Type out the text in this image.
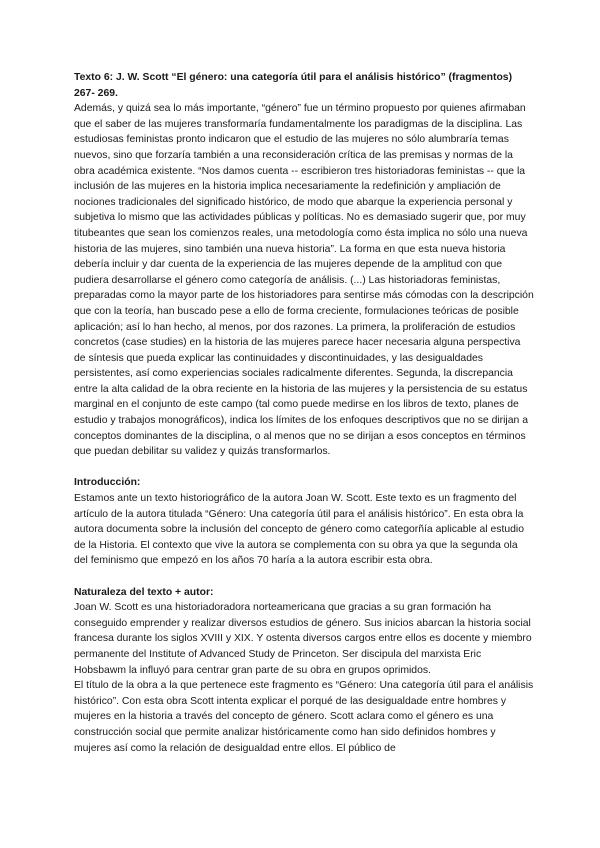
Texto 6: J. W. Scott “El género: una categoría útil para el análisis histórico” (fragmentos) 267- 269.

Además, y quizá sea lo más importante, “género” fue un término propuesto por quienes afirmaban que el saber de las mujeres transformaría fundamentalmente los paradigmas de la disciplina. Las estudiosas feministas pronto indicaron que el estudio de las mujeres no sólo alumbraría temas nuevos, sino que forzaría también a una reconsideración crítica de las premisas y normas de la obra académica existente. “Nos damos cuenta -- escribieron tres historiadoras feministas -- que la inclusión de las mujeres en la historia implica necesariamente la redefinición y ampliación de nociones tradicionales del significado histórico, de modo que abarque la experiencia personal y subjetiva lo mismo que las actividades públicas y políticas. No es demasiado sugerir que, por muy titubeantes que sean los comienzos reales, una metodología como ésta implica no sólo una nueva historia de las mujeres, sino también una nueva historia”. La forma en que esta nueva historia debería incluir y dar cuenta de la experiencia de las mujeres depende de la amplitud con que pudiera desarrollarse el género como categoría de análisis. (...) Las historiadoras feministas, preparadas como la mayor parte de los historiadores para sentirse más cómodas con la descripción que con la teoría, han buscado pese a ello de forma creciente, formulaciones teóricas de posible aplicación; así lo han hecho, al menos, por dos razones. La primera, la proliferación de estudios concretos (case studies) en la historia de las mujeres parece hacer necesaria alguna perspectiva de síntesis que pueda explicar las continuidades y discontinuidades, y las desigualdades persistentes, así como experiencias sociales radicalmente diferentes. Segunda, la discrepancia entre la alta calidad de la obra reciente en la historia de las mujeres y la persistencia de su estatus marginal en el conjunto de este campo (tal como puede medirse en los libros de texto, planes de estudio y trabajos monográficos), indica los límites de los enfoques descriptivos que no se dirijan a conceptos dominantes de la disciplina, o al menos que no se dirijan a esos conceptos en términos que puedan debilitar su validez y quizás transformarlos.

Introducción:

Estamos ante un texto historiográfico de la autora Joan W. Scott. Este texto es un fragmento del artículo de la autora titulada “Género: Una categoría útil para el análisis histórico”. En esta obra la autora documenta sobre la inclusión del concepto de género como categorñía aplicable al estudio de la Historia. El contexto que vive la autora se complementa con su obra ya que la segunda ola del feminismo que empezó en los años 70 haría a la autora escribir esta obra.

Naturaleza del texto + autor:

Joan W. Scott es una historiadoradora norteamericana que gracias a su gran formación ha conseguido emprender y realizar diversos estudios de género. Sus inicios abarcan la historia social francesa durante los siglos XVIII y XIX. Y ostenta diversos cargos entre ellos es docente y miembro permanente del Institute of Advanced Study de Princeton. Ser discipula del marxista Eric Hobsbawm la influyó para centrar gran parte de su obra en grupos oprimidos.

El título de la obra a la que pertenece este fragmento es “Género: Una categoría útil para el análisis histórico”. Con esta obra Scott intenta explicar el porqué de las desigualdade entre hombres y mujeres en la historia a través del concepto de género. Scott aclara como el género es una construcción social que permite analizar históricamente como han sido definidos hombres y mujeres así como la relación de desigualdad entre ellos. El público de
